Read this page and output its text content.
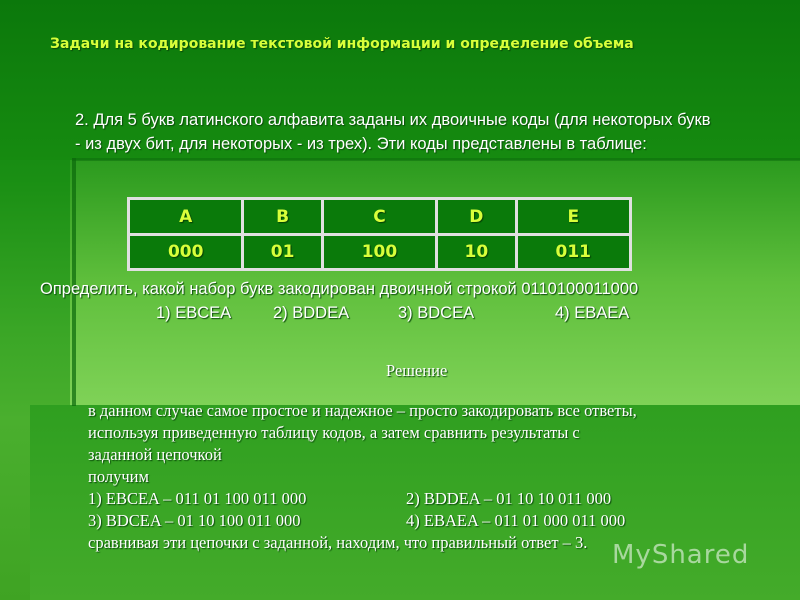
Задачи на кодирование текстовой информации и определение объема
2. Для 5 букв латинского алфавита заданы их двоичные коды (для некоторых букв - из двух бит, для некоторых - из трех). Эти коды представлены в таблице:
A	B	C	D	E
000	01	100	10	011
Определить, какой набор букв закодирован двоичной строкой 0110100011000
1) EBCEA	2) BDDEA	3) BDCEA	4) EBAEA
Решение
в данном случае самое простое и надежное – просто закодировать все ответы,
используя приведенную таблицу кодов, а затем сравнить результаты с
заданной цепочкой
получим
1) EBCEA – 011 01 100 011 000	2) BDDEA – 01 10 10 011 000
3) BDCEA – 01 10 100 011 000	4) EBAEA – 011 01 000 011 000
сравнивая эти цепочки с заданной, находим, что правильный ответ – 3. MyShared
